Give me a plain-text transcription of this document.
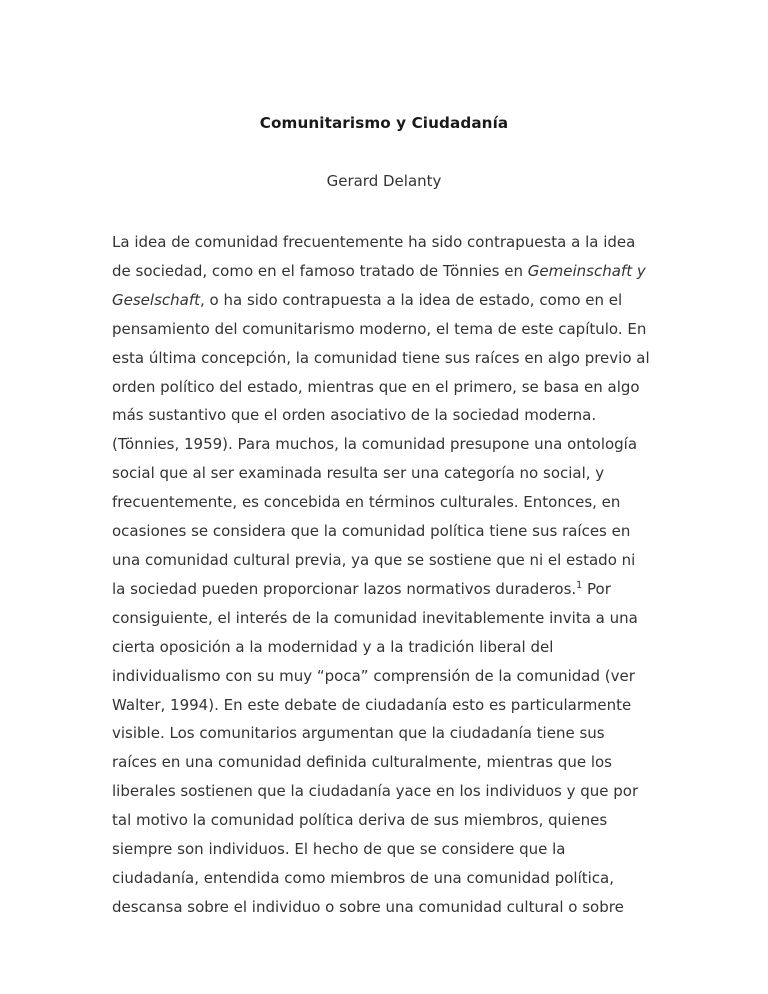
Comunitarismo y Ciudadanía
Gerard Delanty
La idea de comunidad frecuentemente ha sido contrapuesta a la idea
de sociedad, como en el famoso tratado de Tönnies en Gemeinschaft y
Geselschaft, o ha sido contrapuesta a la idea de estado, como en el
pensamiento del comunitarismo moderno, el tema de este capítulo. En
esta última concepción, la comunidad tiene sus raíces en algo previo al
orden político del estado, mientras que en el primero, se basa en algo
más sustantivo que el orden asociativo de la sociedad moderna.
(Tönnies, 1959). Para muchos, la comunidad presupone una ontología
social que al ser examinada resulta ser una categoría no social, y
frecuentemente, es concebida en términos culturales. Entonces, en
ocasiones se considera que la comunidad política tiene sus raíces en
una comunidad cultural previa, ya que se sostiene que ni el estado ni
la sociedad pueden proporcionar lazos normativos duraderos.$^1$ Por
consiguiente, el interés de la comunidad inevitablemente invita a una
cierta oposición a la modernidad y a la tradición liberal del
individualismo con su muy “poca” comprensión de la comunidad (ver
Walter, 1994). En este debate de ciudadanía esto es particularmente
visible. Los comunitarios argumentan que la ciudadanía tiene sus
raíces en una comunidad definida culturalmente, mientras que los
liberales sostienen que la ciudadanía yace en los individuos y que por
tal motivo la comunidad política deriva de sus miembros, quienes
siempre son individuos. El hecho de que se considere que la
ciudadanía, entendida como miembros de una comunidad política,
descansa sobre el individuo o sobre una comunidad cultural o sobre
